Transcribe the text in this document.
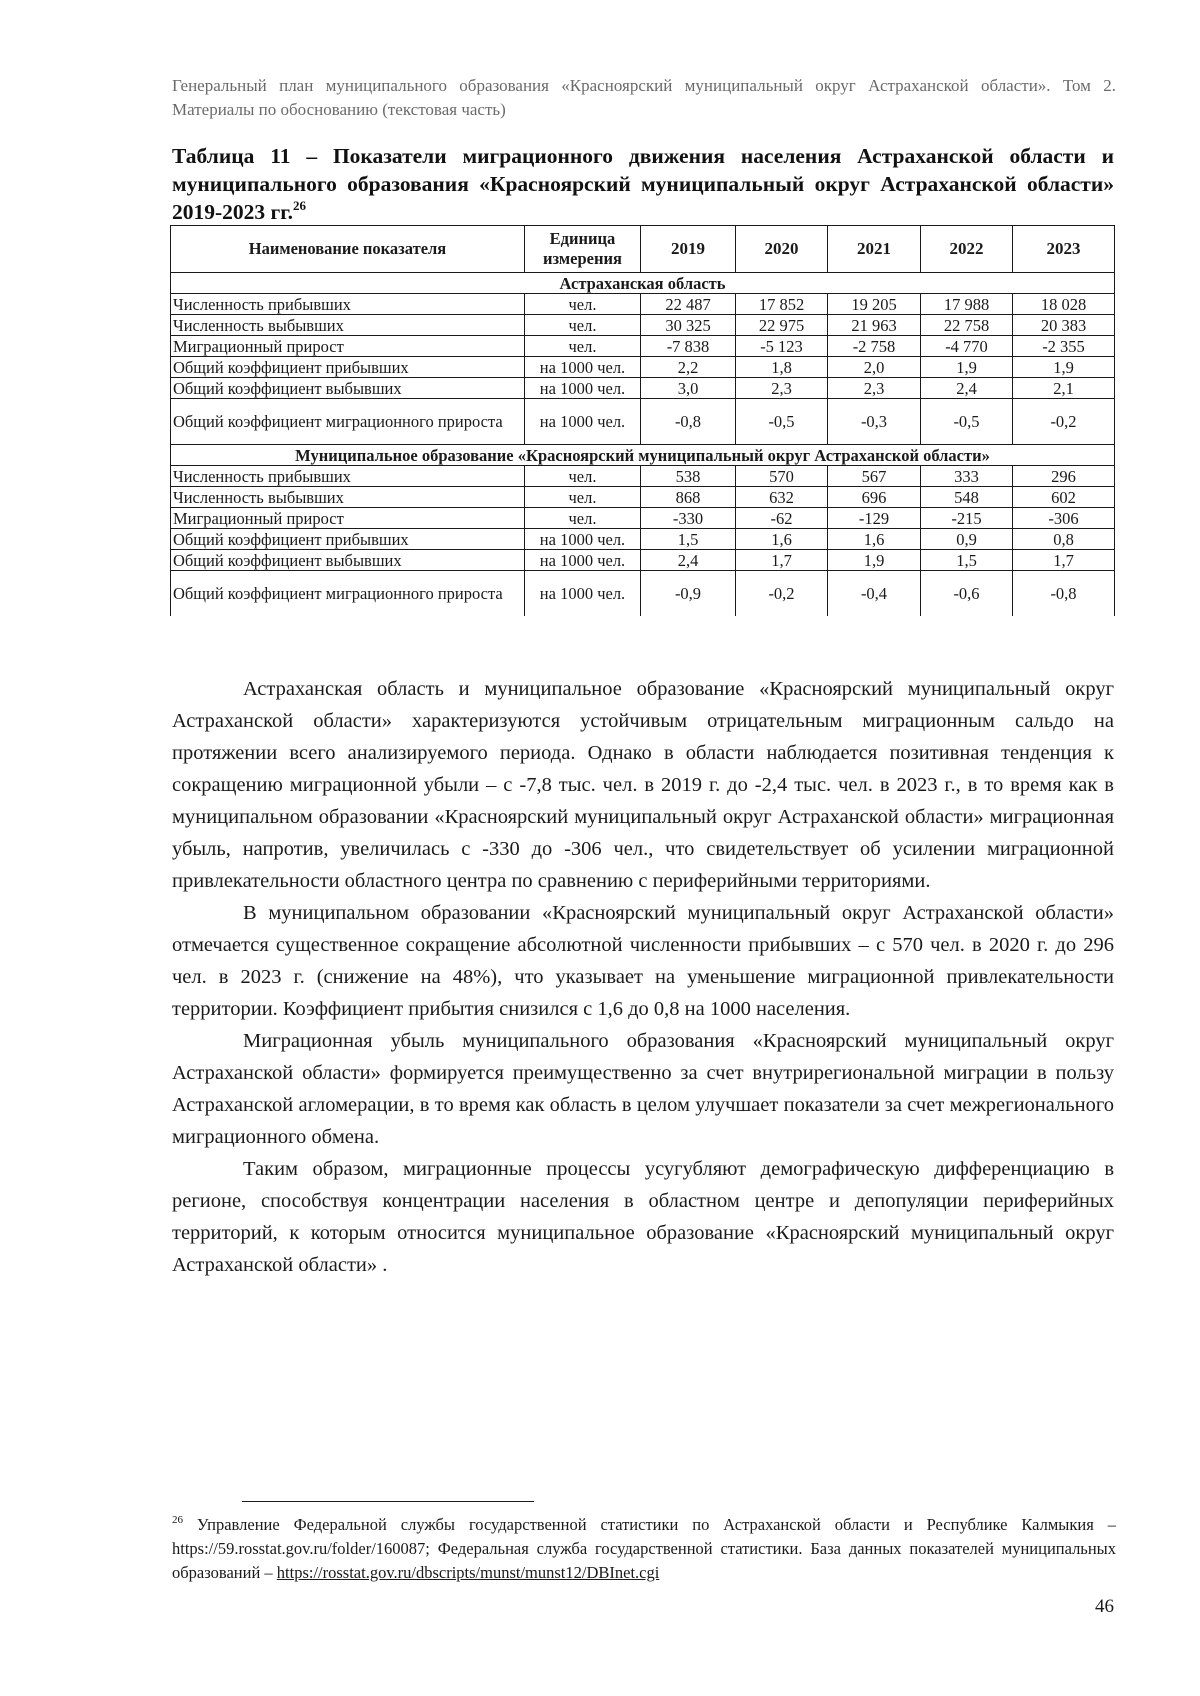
Генеральный план муниципального образования «Красноярский муниципальный округ Астраханской области». Том 2. Материалы по обоснованию (текстовая часть)
Таблица 11 – Показатели миграционного движения населения Астраханской области и муниципального образования «Красноярский муниципальный округ Астраханской области» 2019-2023 гг.$^{26}$
Наименование показателя	Единица измерения	2019	2020	2021	2022	2023
Астраханская область						
Численность прибывших	чел.	22 487	17 852	19 205	17 988	18 028
Численность выбывших	чел.	30 325	22 975	21 963	22 758	20 383
Миграционный прирост	чел.	-7 838	-5 123	-2 758	-4 770	-2 355
Общий коэффициент прибывших	на 1000 чел.	2,2	1,8	2,0	1,9	1,9
Общий коэффициент выбывших	на 1000 чел.	3,0	2,3	2,3	2,4	2,1
Общий коэффициент миграционного прироста	на 1000 чел.	-0,8	-0,5	-0,3	-0,5	-0,2
Муниципальное образование «Красноярский муниципальный округ Астраханской области»						
Численность прибывших	чел.	538	570	567	333	296
Численность выбывших	чел.	868	632	696	548	602
Миграционный прирост	чел.	-330	-62	-129	-215	-306
Общий коэффициент прибывших	на 1000 чел.	1,5	1,6	1,6	0,9	0,8
Общий коэффициент выбывших	на 1000 чел.	2,4	1,7	1,9	1,5	1,7
Общий коэффициент миграционного прироста	на 1000 чел.	-0,9	-0,2	-0,4	-0,6	-0,8

Астраханская область и муниципальное образование «Красноярский муниципальный округ Астраханской области» характеризуются устойчивым отрицательным миграционным сальдо на протяжении всего анализируемого периода. Однако в области наблюдается позитивная тенденция к сокращению миграционной убыли – с -7,8 тыс. чел. в 2019 г. до -2,4 тыс. чел. в 2023 г., в то время как в муниципальном образовании «Красноярский муниципальный округ Астраханской области» миграционная убыль, напротив, увеличилась с -330 до -306 чел., что свидетельствует об усилении миграционной привлекательности областного центра по сравнению с периферийными территориями.

В муниципальном образовании «Красноярский муниципальный округ Астраханской области» отмечается существенное сокращение абсолютной численности прибывших – с 570 чел. в 2020 г. до 296 чел. в 2023 г. (снижение на 48%), что указывает на уменьшение миграционной привлекательности территории. Коэффициент прибытия снизился с 1,6 до 0,8 на 1000 населения.

Миграционная убыль муниципального образования «Красноярский муниципальный округ Астраханской области» формируется преимущественно за счет внутрирегиональной миграции в пользу Астраханской агломерации, в то время как область в целом улучшает показатели за счет межрегионального миграционного обмена.

Таким образом, миграционные процессы усугубляют демографическую дифференциацию в регионе, способствуя концентрации населения в областном центре и депопуляции периферийных территорий, к которым относится муниципальное образование «Красноярский муниципальный округ Астраханской области» .

$^{26}$ Управление Федеральной службы государственной статистики по Астраханской области и Республике Калмыкия – https://59.rosstat.gov.ru/folder/160087; Федеральная служба государственной статистики. База данных показателей муниципальных образований – https://rosstat.gov.ru/dbscripts/munst/munst12/DBInet.cgi
46
